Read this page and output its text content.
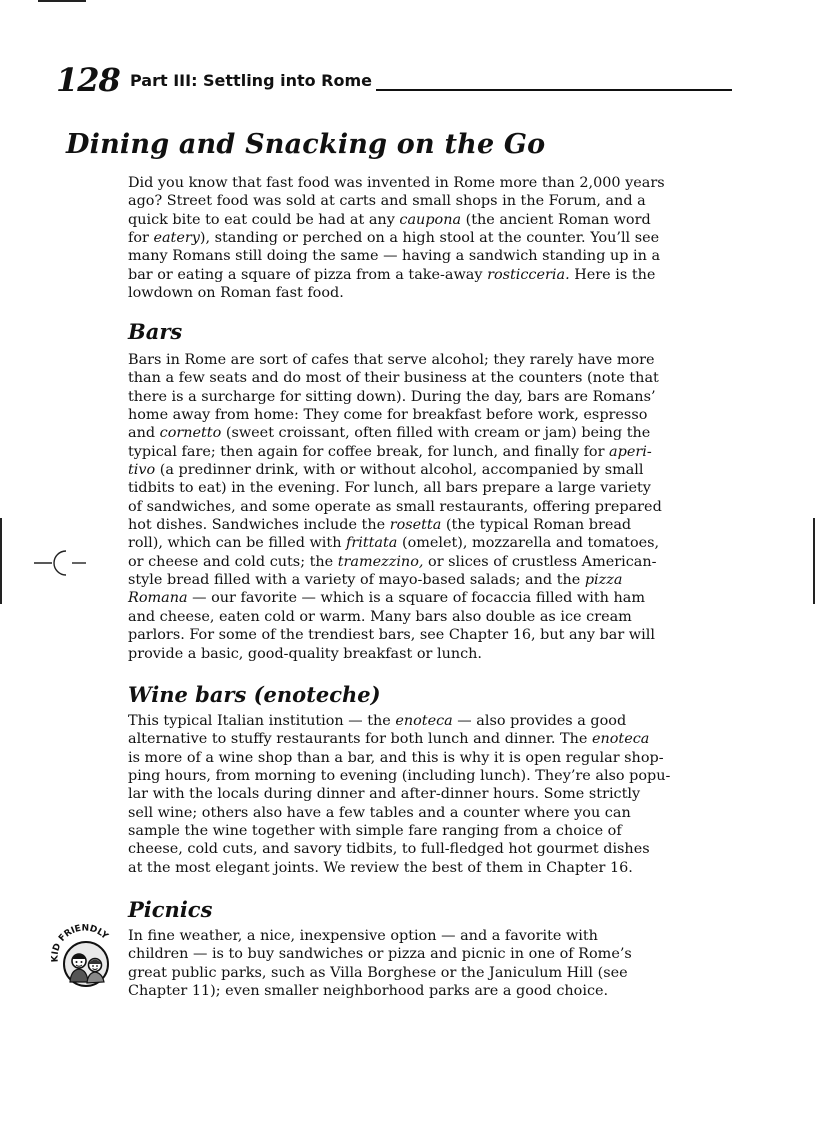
128 Part III: Settling into Rome
Dining and Snacking on the Go
Did you know that fast food was invented in Rome more than 2,000 years
ago? Street food was sold at carts and small shops in the Forum, and a
quick bite to eat could be had at any caupona (the ancient Roman word
for eatery), standing or perched on a high stool at the counter. You’ll see
many Romans still doing the same — having a sandwich standing up in a
bar or eating a square of pizza from a take-away rosticceria. Here is the
lowdown on Roman fast food.
Bars
Bars in Rome are sort of cafes that serve alcohol; they rarely have more
than a few seats and do most of their business at the counters (note that
there is a surcharge for sitting down). During the day, bars are Romans’
home away from home: They come for breakfast before work, espresso
and cornetto (sweet croissant, often filled with cream or jam) being the
typical fare; then again for coffee break, for lunch, and finally for aperi-
tivo (a predinner drink, with or without alcohol, accompanied by small
tidbits to eat) in the evening. For lunch, all bars prepare a large variety
of sandwiches, and some operate as small restaurants, offering prepared
hot dishes. Sandwiches include the rosetta (the typical Roman bread
roll), which can be filled with frittata (omelet), mozzarella and tomatoes,
or cheese and cold cuts; the tramezzino, or slices of crustless American-
style bread filled with a variety of mayo-based salads; and the pizza
Romana — our favorite — which is a square of focaccia filled with ham
and cheese, eaten cold or warm. Many bars also double as ice cream
parlors. For some of the trendiest bars, see Chapter 16, but any bar will
provide a basic, good-quality breakfast or lunch.
Wine bars (enoteche)
This typical Italian institution — the enoteca — also provides a good
alternative to stuffy restaurants for both lunch and dinner. The enoteca
is more of a wine shop than a bar, and this is why it is open regular shop-
ping hours, from morning to evening (including lunch). They’re also popu-
lar with the locals during dinner and after-dinner hours. Some strictly
sell wine; others also have a few tables and a counter where you can
sample the wine together with simple fare ranging from a choice of
cheese, cold cuts, and savory tidbits, to full-fledged hot gourmet dishes
at the most elegant joints. We review the best of them in Chapter 16.
Picnics
In fine weather, a nice, inexpensive option — and a favorite with
children — is to buy sandwiches or pizza and picnic in one of Rome’s
great public parks, such as Villa Borghese or the Janiculum Hill (see
Chapter 11); even smaller neighborhood parks are a good choice.
KID FRIENDLY
